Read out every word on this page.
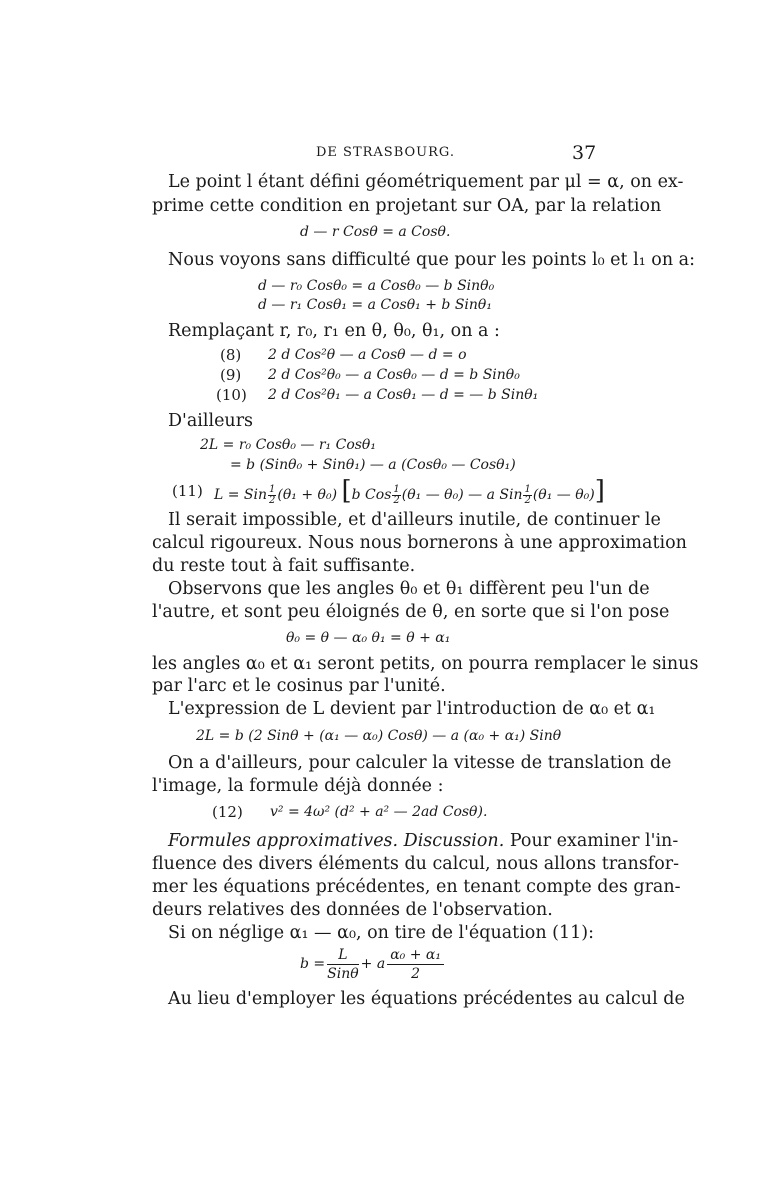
DE STRASBOURG.	37
Le point l étant défini géométriquement par μl = α, on ex-
prime cette condition en projetant sur OA, par la relation
d — r Cosθ = a Cosθ.
Nous voyons sans difficulté que pour les points l₀ et l₁ on a:
d — r₀ Cosθ₀ = a Cosθ₀ — b Sinθ₀
d — r₁ Cosθ₁ = a Cosθ₁ + b Sinθ₁
Remplaçant r, r₀, r₁ en θ, θ₀, θ₁, on a :
(8) 2 d Cos²θ — a Cosθ — d = o
(9) 2 d Cos²θ₀ — a Cosθ₀ — d = b Sinθ₀
(10) 2 d Cos²θ₁ — a Cosθ₁ — d = — b Sinθ₁
D'ailleurs
2L = r₀ Cosθ₀ — r₁ Cosθ₁
= b (Sinθ₀ + Sinθ₁) — a (Cosθ₀ — Cosθ₁)
(11) L = Sin $\frac{1}{2} (\theta_1 + \theta_0)$ [b Cos $\frac{1}{2} (\theta_1$ — θ₀) — a Sin $\frac{1}{2} (\theta_1$ — θ₀)]
Il serait impossible, et d'ailleurs inutile, de continuer le
calcul rigoureux. Nous nous bornerons à une approximation
du reste tout à fait suffisante.
Observons que les angles θ₀ et θ₁ diffèrent peu l'un de
l'autre, et sont peu éloignés de θ, en sorte que si l'on pose
θ₀ = θ — α₀ θ₁ = θ + α₁
les angles α₀ et α₁ seront petits, on pourra remplacer le sinus
par l'arc et le cosinus par l'unité.
L'expression de L devient par l'introduction de α₀ et α₁
2L = b (2 Sinθ + (α₁ — α₀) Cosθ) — a (α₀ + α₁) Sinθ
On a d'ailleurs, pour calculer la vitesse de translation de
l'image, la formule déjà donnée :
(12) v² = 4ω² (d² + a² — 2ad Cosθ).
Formules approximatives. Discussion. Pour examiner l'in-
fluence des divers éléments du calcul, nous allons transfor-
mer les équations précédentes, en tenant compte des gran-
deurs relatives des données de l'observation.
Si on néglige α₁ — α₀, on tire de l'équation (11):
b =
L
Sinθ
+ a $\frac{\text{α₀ + α₁}}{2}$
Au lieu d'employer les équations précédentes au calcul de
